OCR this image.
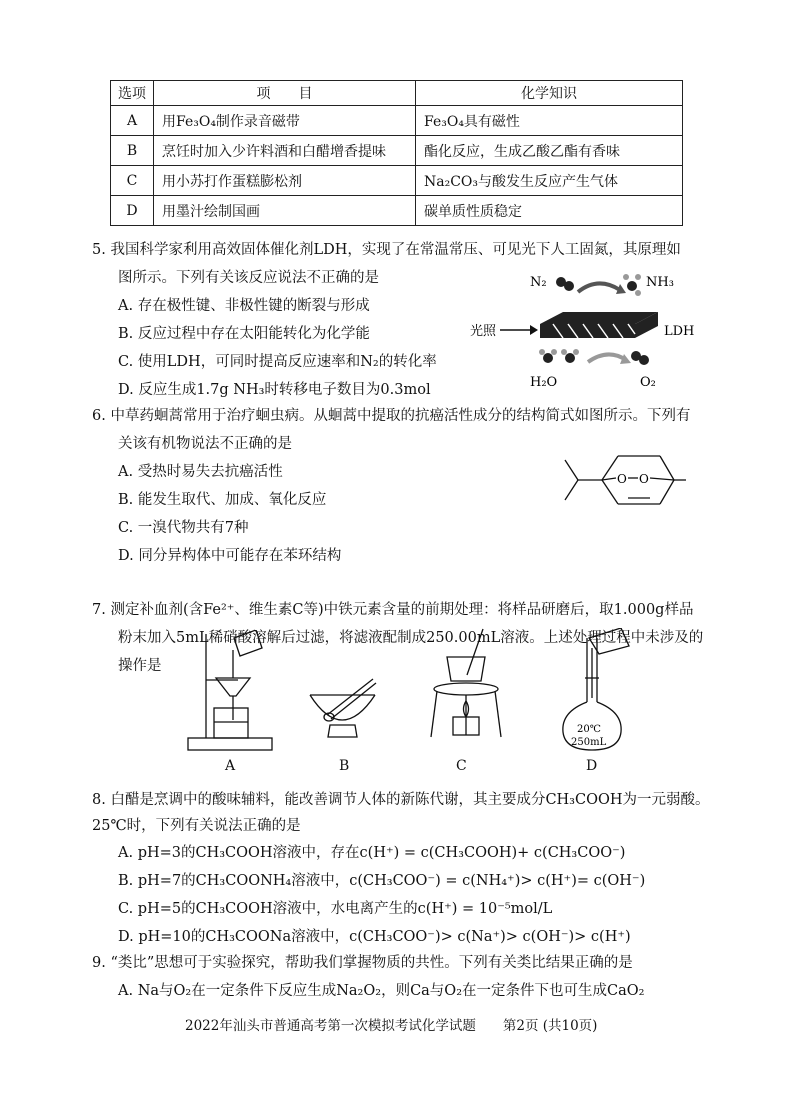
选项	项　　目	化学知识
A	用Fe₃O₄制作录音磁带	Fe₃O₄具有磁性
B	烹饪时加入少许料酒和白醋增香提味	酯化反应，生成乙酸乙酯有香味
C	用小苏打作蛋糕膨松剂	Na₂CO₃与酸发生反应产生气体
D	用墨汁绘制国画	碳单质性质稳定
5. 我国科学家利用高效固体催化剂LDH，实现了在常温常压、可见光下人工固氮，其原理如
图所示。下列有关该反应说法不正确的是
A. 存在极性键、非极性键的断裂与形成
B. 反应过程中存在太阳能转化为化学能
C. 使用LDH，可同时提高反应速率和N₂的转化率
D. 反应生成1.7g NH₃时转移电子数目为0.3mol
N₂	NH₃
光照	LDH
H₂O	O₂
6. 中草药蛔蒿常用于治疗蛔虫病。从蛔蒿中提取的抗癌活性成分的结构简式如图所示。下列有
关该有机物说法不正确的是
A. 受热时易失去抗癌活性
B. 能发生取代、加成、氧化反应
C. 一溴代物共有7种
D. 同分异构体中可能存在苯环结构
O O
7. 测定补血剂(含Fe²⁺、维生素C等)中铁元素含量的前期处理：将样品研磨后，取1.000g样品
粉末加入5mL稀硝酸溶解后过滤，将滤液配制成250.00mL溶液。上述处理过程中未涉及的
操作是
A	B	C
20℃
250mL
D
8. 白醋是烹调中的酸味辅料，能改善调节人体的新陈代谢，其主要成分CH₃COOH为一元弱酸。
25℃时，下列有关说法正确的是
A. pH=3的CH₃COOH溶液中，存在c(H⁺) = c(CH₃COOH)+ c(CH₃COO⁻)
B. pH=7的CH₃COONH₄溶液中，c(CH₃COO⁻) = c(NH₄⁺)> c(H⁺)= c(OH⁻)
C. pH=5的CH₃COOH溶液中，水电离产生的c(H⁺) = 10⁻⁵mol/L
D. pH=10的CH₃COONa溶液中，c(CH₃COO⁻)> c(Na⁺)> c(OH⁻)> c(H⁺)
9. “类比”思想可于实验探究，帮助我们掌握物质的共性。下列有关类比结果正确的是
A. Na与O₂在一定条件下反应生成Na₂O₂，则Ca与O₂在一定条件下也可生成CaO₂
2022年汕头市普通高考第一次模拟考试化学试题　　第2页 (共10页)
